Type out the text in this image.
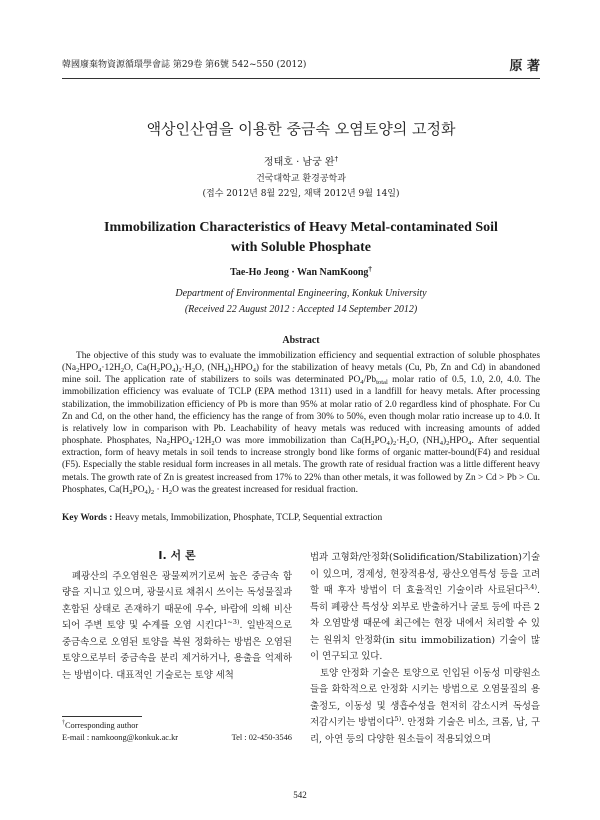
韓國廢棄物資源循環學會誌 第29卷 第6號 542~550 (2012)	原 著
액상인산염을 이용한 중금속 오염토양의 고정화
정태호 · 남궁 완†
건국대학교 환경공학과
(접수 2012년 8월 22일, 채택 2012년 9월 14일)
Immobilization Characteristics of Heavy Metal-contaminated Soil
with Soluble Phosphate
Tae-Ho Jeong · Wan NamKoong†
Department of Environmental Engineering, Konkuk University
(Received 22 August 2012 : Accepted 14 September 2012)
Abstract
The objective of this study was to evaluate the immobilization efficiency and sequential extraction of soluble phosphates ($Na_2HPO_4\cdot 12H_2O$, $Ca(H_2PO_4)_2\cdot H_2O$, $(NH_4)_2HPO_4$) for the stabilization of heavy metals (Cu, Pb, Zn and Cd) in abandoned mine soil. The application rate of stabilizers to soils was determinated $PO_4/Pb_{total}$ molar ratio of 0.5, 1.0, 2.0, 4.0. The immobilization efficiency was evaluate of TCLP (EPA method 1311) used in a landfill for heavy metals. After processing stabilization, the immobilization efficiency of Pb is more than 95% at molar ratio of 2.0 regardless kind of phosphate. For Cu Zn and Cd, on the other hand, the efficiency has the range of from 30% to 50%, even though molar ratio increase up to 4.0. It is relatively low in comparison with Pb. Leachability of heavy metals was reduced with increasing amounts of added phosphate. Phosphates, $Na_2HPO_4\cdot 12H_2O$ was more immobilization than $Ca(H_2PO_4)_2\cdot H_2O$, $(NH_4)_2HPO_4$. After sequential extraction, form of heavy metals in soil tends to increase strongly bond like forms of organic matter-bound(F4) and residual (F5). Especially the stable residual form increases in all metals. The growth rate of residual fraction was a little different heavy metals. The growth rate of Zn is greatest increased from 17% to 22% than other metals, it was followed by Zn > Cd > Pb > Cu. Phosphates, $Ca(H_2PO_4)_2 \cdot H_2O$ was the greatest increased for residual fraction.
Key Words : Heavy metals, Immobilization, Phosphate, TCLP, Sequential extraction
I. 서 론

폐광산의 주오염원은 광물찌꺼기로써 높은 중금속 함량을 지니고 있으며, 광물시료 채취시 쓰이는 독성물질과 혼합된 상태로 존재하기 때문에 우수, 바람에 의해 비산되어 주변 토양 및 수계를 오염 시킨다$^{1\sim 3)}$. 일반적으로 중금속으로 오염된 토양을 복원 정화하는 방법은 오염된 토양으로부터 중금속을 분리 제거하거나, 용출을 억제하는 방법이다. 대표적인 기술로는 토양 세척

법과 고형화/안정화(Solidification/Stabilization)기술이 있으며, 경제성, 현장적용성, 광산오염특성 등을 고려할 때 후자 방법이 더 효율적인 기술이라 사료된다$^{3,4)}$. 특히 폐광산 특성상 외부로 반출하거나 굴토 등에 따른 2차 오염발생 때문에 최근에는 현장 내에서 처리할 수 있는 원위치 안정화(in situ immobilization) 기술이 많이 연구되고 있다.

토양 안정화 기술은 토양으로 인입된 이동성 미량원소들을 화학적으로 안정화 시키는 방법으로 오염물질의 용출정도, 이동성 및 생흡수성을 현저히 감소시켜 독성을 저감시키는 방법이다$^{5)}$. 안정화 기술은 비소, 크롬, 납, 구리, 아연 등의 다양한 원소들이 적용되었으며

†Corresponding author
E-mail : namkoong@konkuk.ac.kr	Tel : 02-450-3546
542
